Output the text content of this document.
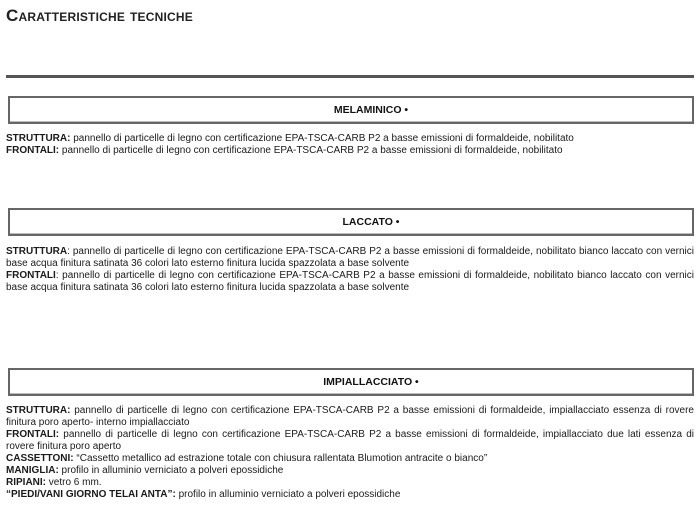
Caratteristiche tecniche
MELAMINICO •

STRUTTURA: pannello di particelle di legno con certificazione EPA-TSCA-CARB P2 a basse emissioni di formaldeide, nobilitato

FRONTALI: pannello di particelle di legno con certificazione EPA-TSCA-CARB P2 a basse emissioni di formaldeide, nobilitato

LACCATO •

STRUTTURA: pannello di particelle di legno con certificazione EPA-TSCA-CARB P2 a basse emissioni di formaldeide, nobilitato bianco laccato con vernici base acqua finitura satinata 36 colori lato esterno finitura lucida spazzolata a base solvente

FRONTALI: pannello di particelle di legno con certificazione EPA-TSCA-CARB P2 a basse emissioni di formaldeide, nobilitato bianco laccato con vernici base acqua finitura satinata 36 colori lato esterno finitura lucida spazzolata a base solvente

IMPIALLACCIATO •

STRUTTURA: pannello di particelle di legno con certificazione EPA-TSCA-CARB P2 a basse emissioni di formaldeide, impiallacciato essenza di rovere finitura poro aperto- interno impiallacciato

FRONTALI: pannello di particelle di legno con certificazione EPA-TSCA-CARB P2 a basse emissioni di formaldeide, impiallacciato due lati essenza di rovere finitura poro aperto

CASSETTONI: “Cassetto metallico ad estrazione totale con chiusura rallentata Blumotion antracite o bianco”

MANIGLIA: profilo in alluminio verniciato a polveri epossidiche

RIPIANI: vetro 6 mm.

“PIEDI/VANI GIORNO TELAI ANTA”: profilo in alluminio verniciato a polveri epossidiche
